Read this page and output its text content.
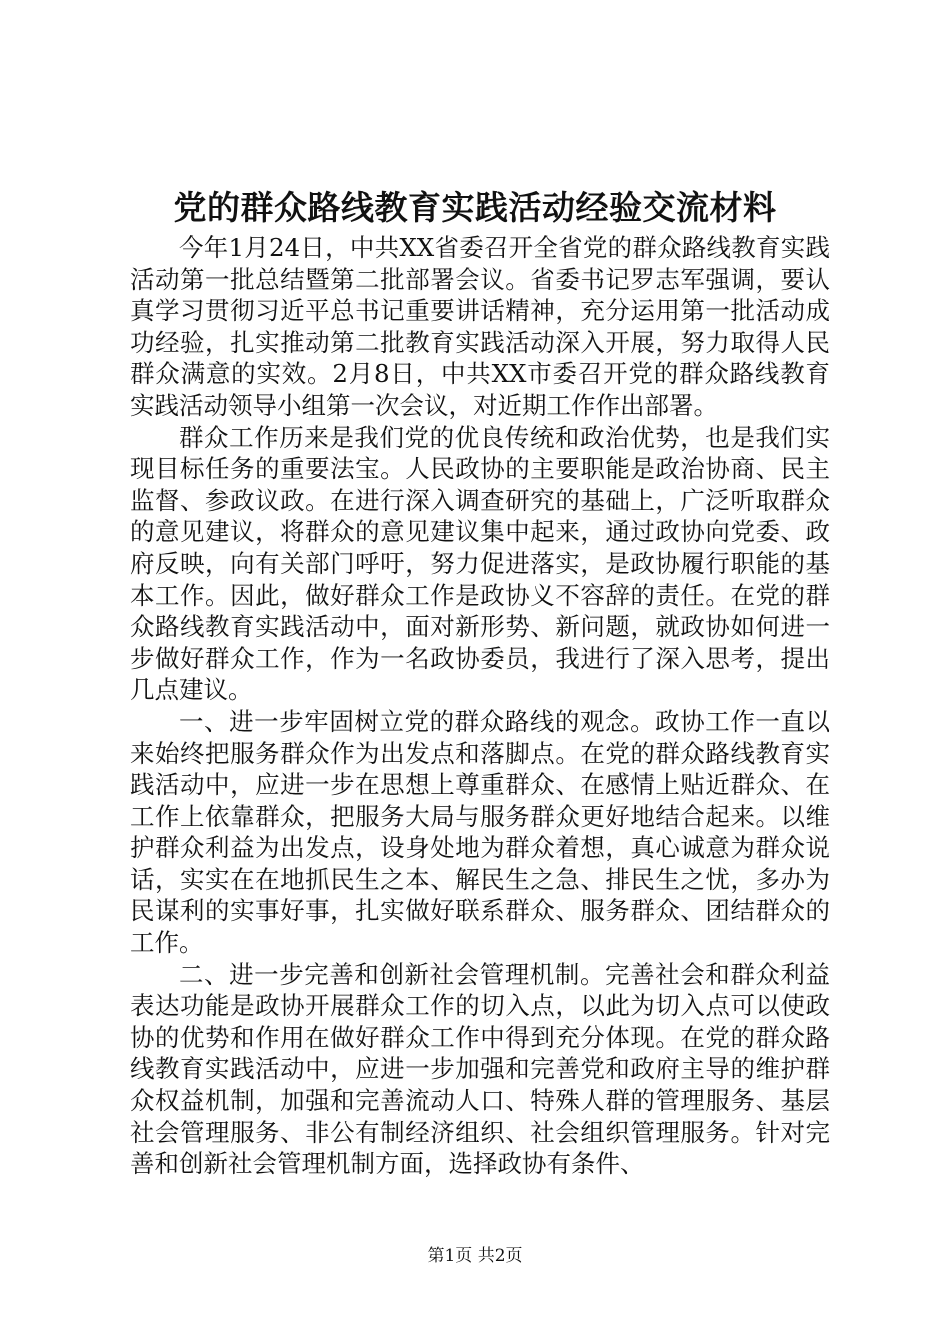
党的群众路线教育实践活动经验交流材料

今年1月24日，中共XX省委召开全省党的群众路线教育实践活动第一批总结暨第二批部署会议。省委书记罗志军强调，要认真学习贯彻习近平总书记重要讲话精神，充分运用第一批活动成功经验，扎实推动第二批教育实践活动深入开展，努力取得人民群众满意的实效。2月8日，中共XX市委召开党的群众路线教育实践活动领导小组第一次会议，对近期工作作出部署。

群众工作历来是我们党的优良传统和政治优势，也是我们实现目标任务的重要法宝。人民政协的主要职能是政治协商、民主监督、参政议政。在进行深入调查研究的基础上，广泛听取群众的意见建议，将群众的意见建议集中起来，通过政协向党委、政府反映，向有关部门呼吁，努力促进落实，是政协履行职能的基本工作。因此，做好群众工作是政协义不容辞的责任。在党的群众路线教育实践活动中，面对新形势、新问题，就政协如何进一步做好群众工作，作为一名政协委员，我进行了深入思考，提出几点建议。

一、进一步牢固树立党的群众路线的观念。政协工作一直以来始终把服务群众作为出发点和落脚点。在党的群众路线教育实践活动中，应进一步在思想上尊重群众、在感情上贴近群众、在工作上依靠群众，把服务大局与服务群众更好地结合起来。以维护群众利益为出发点，设身处地为群众着想，真心诚意为群众说话，实实在在地抓民生之本、解民生之急、排民生之忧，多办为民谋利的实事好事，扎实做好联系群众、服务群众、团结群众的工作。

二、进一步完善和创新社会管理机制。完善社会和群众利益表达功能是政协开展群众工作的切入点，以此为切入点可以使政协的优势和作用在做好群众工作中得到充分体现。在党的群众路线教育实践活动中，应进一步加强和完善党和政府主导的维护群众权益机制，加强和完善流动人口、特殊人群的管理服务、基层社会管理服务、非公有制经济组织、社会组织管理服务。针对完善和创新社会管理机制方面，选择政协有条件、

第1页 共2页
